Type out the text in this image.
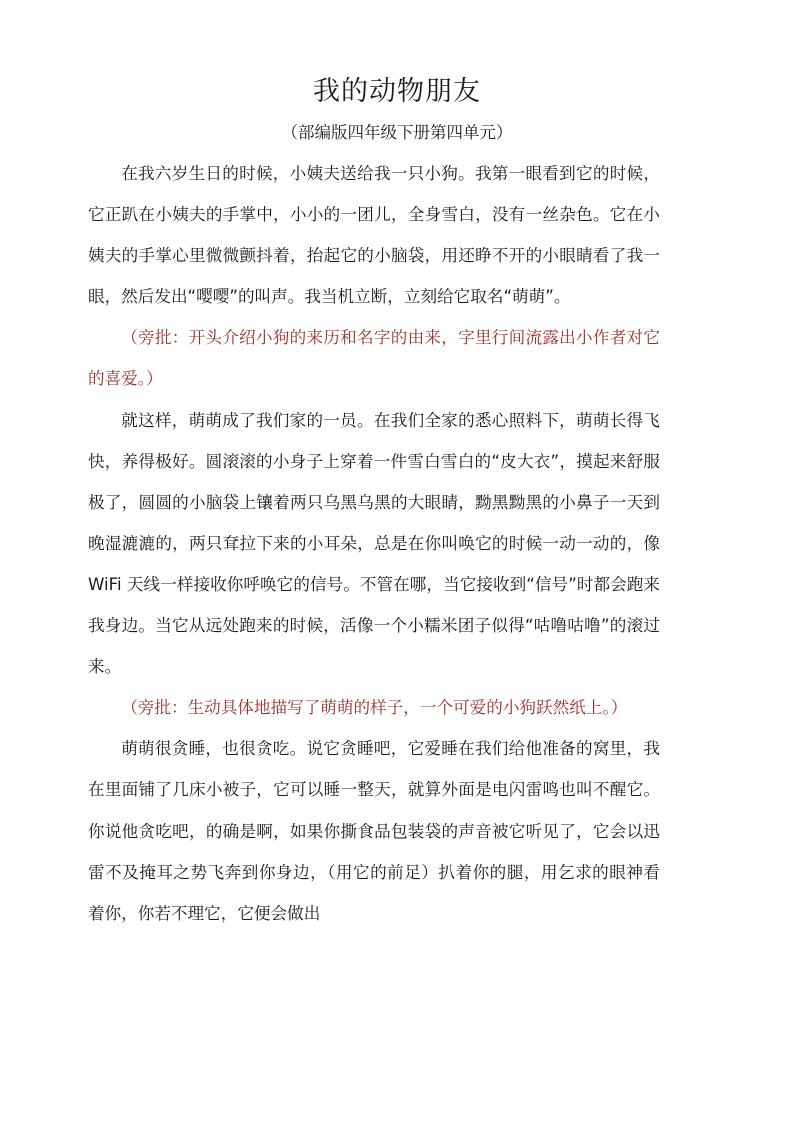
我的动物朋友
（部编版四年级下册第四单元）

在我六岁生日的时候，小姨夫送给我一只小狗。我第一眼看到它的时候，它正趴在小姨夫的手掌中，小小的一团儿，全身雪白，没有一丝杂色。它在小姨夫的手掌心里微微颤抖着，抬起它的小脑袋，用还睁不开的小眼睛看了我一眼，然后发出“嘤嘤”的叫声。我当机立断，立刻给它取名“萌萌”。

（旁批：开头介绍小狗的来历和名字的由来，字里行间流露出小作者对它的喜爱。）

就这样，萌萌成了我们家的一员。在我们全家的悉心照料下，萌萌长得飞快，养得极好。圆滚滚的小身子上穿着一件雪白雪白的“皮大衣”，摸起来舒服极了，圆圆的小脑袋上镶着两只乌黑乌黑的大眼睛，黝黑黝黑的小鼻子一天到晚湿漉漉的，两只耷拉下来的小耳朵，总是在你叫唤它的时候一动一动的，像 WiFi 天线一样接收你呼唤它的信号。不管在哪，当它接收到“信号”时都会跑来我身边。当它从远处跑来的时候，活像一个小糯米团子似得“咕噜咕噜”的滚过来。

（旁批：生动具体地描写了萌萌的样子，一个可爱的小狗跃然纸上。）

萌萌很贪睡，也很贪吃。说它贪睡吧，它爱睡在我们给他准备的窝里，我在里面铺了几床小被子，它可以睡一整天，就算外面是电闪雷鸣也叫不醒它。你说他贪吃吧，的确是啊，如果你撕食品包装袋的声音被它听见了，它会以迅雷不及掩耳之势飞奔到你身边，（用它的前足）扒着你的腿，用乞求的眼神看着你，你若不理它，它便会做出
